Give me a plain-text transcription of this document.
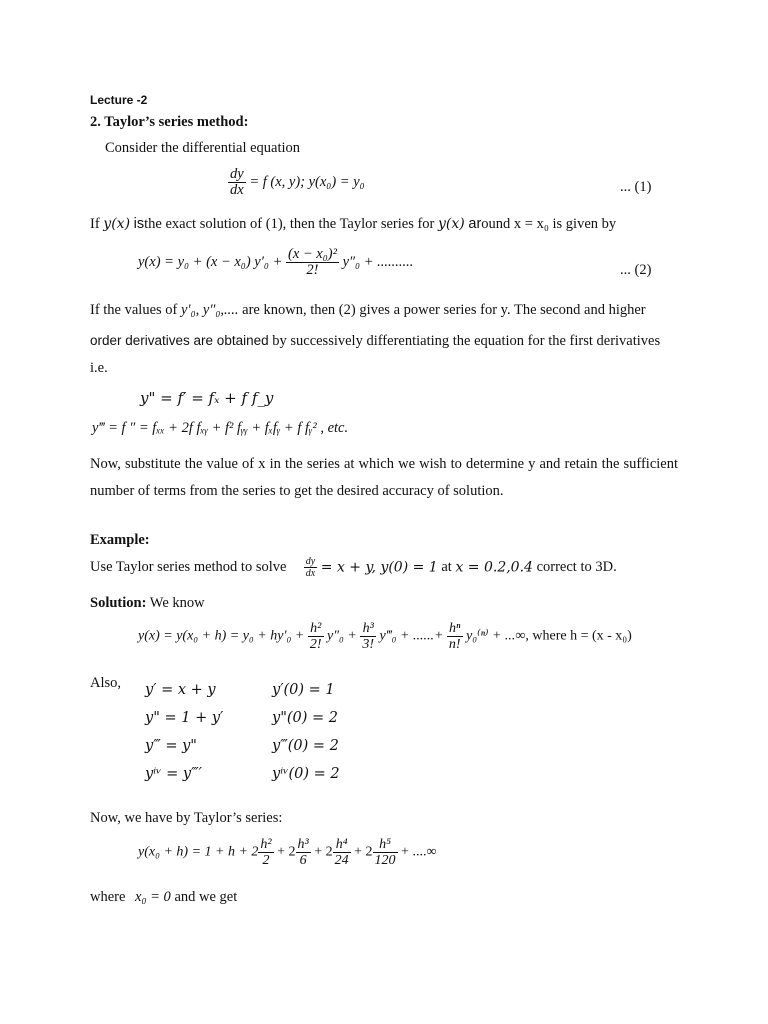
Lecture -2
2. Taylor’s series method:
Consider the differential equation
$\frac{dy}{dx} = f$ (x, y); y(x₀) = y₀	... (1)
If y(x) isthe exact solution of (1), then the Taylor series for y(x) around x = x₀ is given by
y(x) = y₀ + (x − x₀) $y'_0 + \frac{\text{(x − x₀)²}}{2!} y''_0$ + ..........
... (2)
If the values of y′₀, y″₀,.... are known, then (2) gives a power series for y. The second and higher
order derivatives are obtained by successively differentiating the equation for the first derivatives
i.e.
y" = f′ = fₓ + f f_y
y‴ = f ″ = fₓₓ + 2f fₓᵧ + f² fᵧᵧ + fₓfᵧ + f fᵧ² , etc.
Now, substitute the value of x in the series at which we wish to determine y and retain the sufficient number of terms from the series to get the desired accuracy of solution.
Example:
Use Taylor series method to solve $\frac{dy}{dx} = x + y$, y(0) = 1 at x = 0.2,0.4 correct to 3D.
Solution: We know
$y(x) = y(x_0 + h) = y_0 + hy'_0 + \frac{\text{h²}}{2!} y''_0 + \frac{\text{h³}}{3!}$ y‴₀ + ......+ $\frac{\text{hⁿ}}{n!} y_0^{(n)}$ + ...∞, where h = (x - x₀)
Also, y′ = x + y
y" = 1 + y′
y‴ = y"
yⁱᵛ = y‴′
y′(0) = 1
y"(0) = 2
y‴(0) = 2
yⁱᵛ(0) = 2
Now, we have by Taylor’s series:
$y(x_0 + h) = 1 + h + 2 \frac{\text{h²}}{2} + 2 \frac{\text{h³}}{6} + 2 \frac{\text{h⁴}}{24} + 2 \frac{\text{h⁵}}{120}$ + ....∞
where x₀ = 0 and we get
